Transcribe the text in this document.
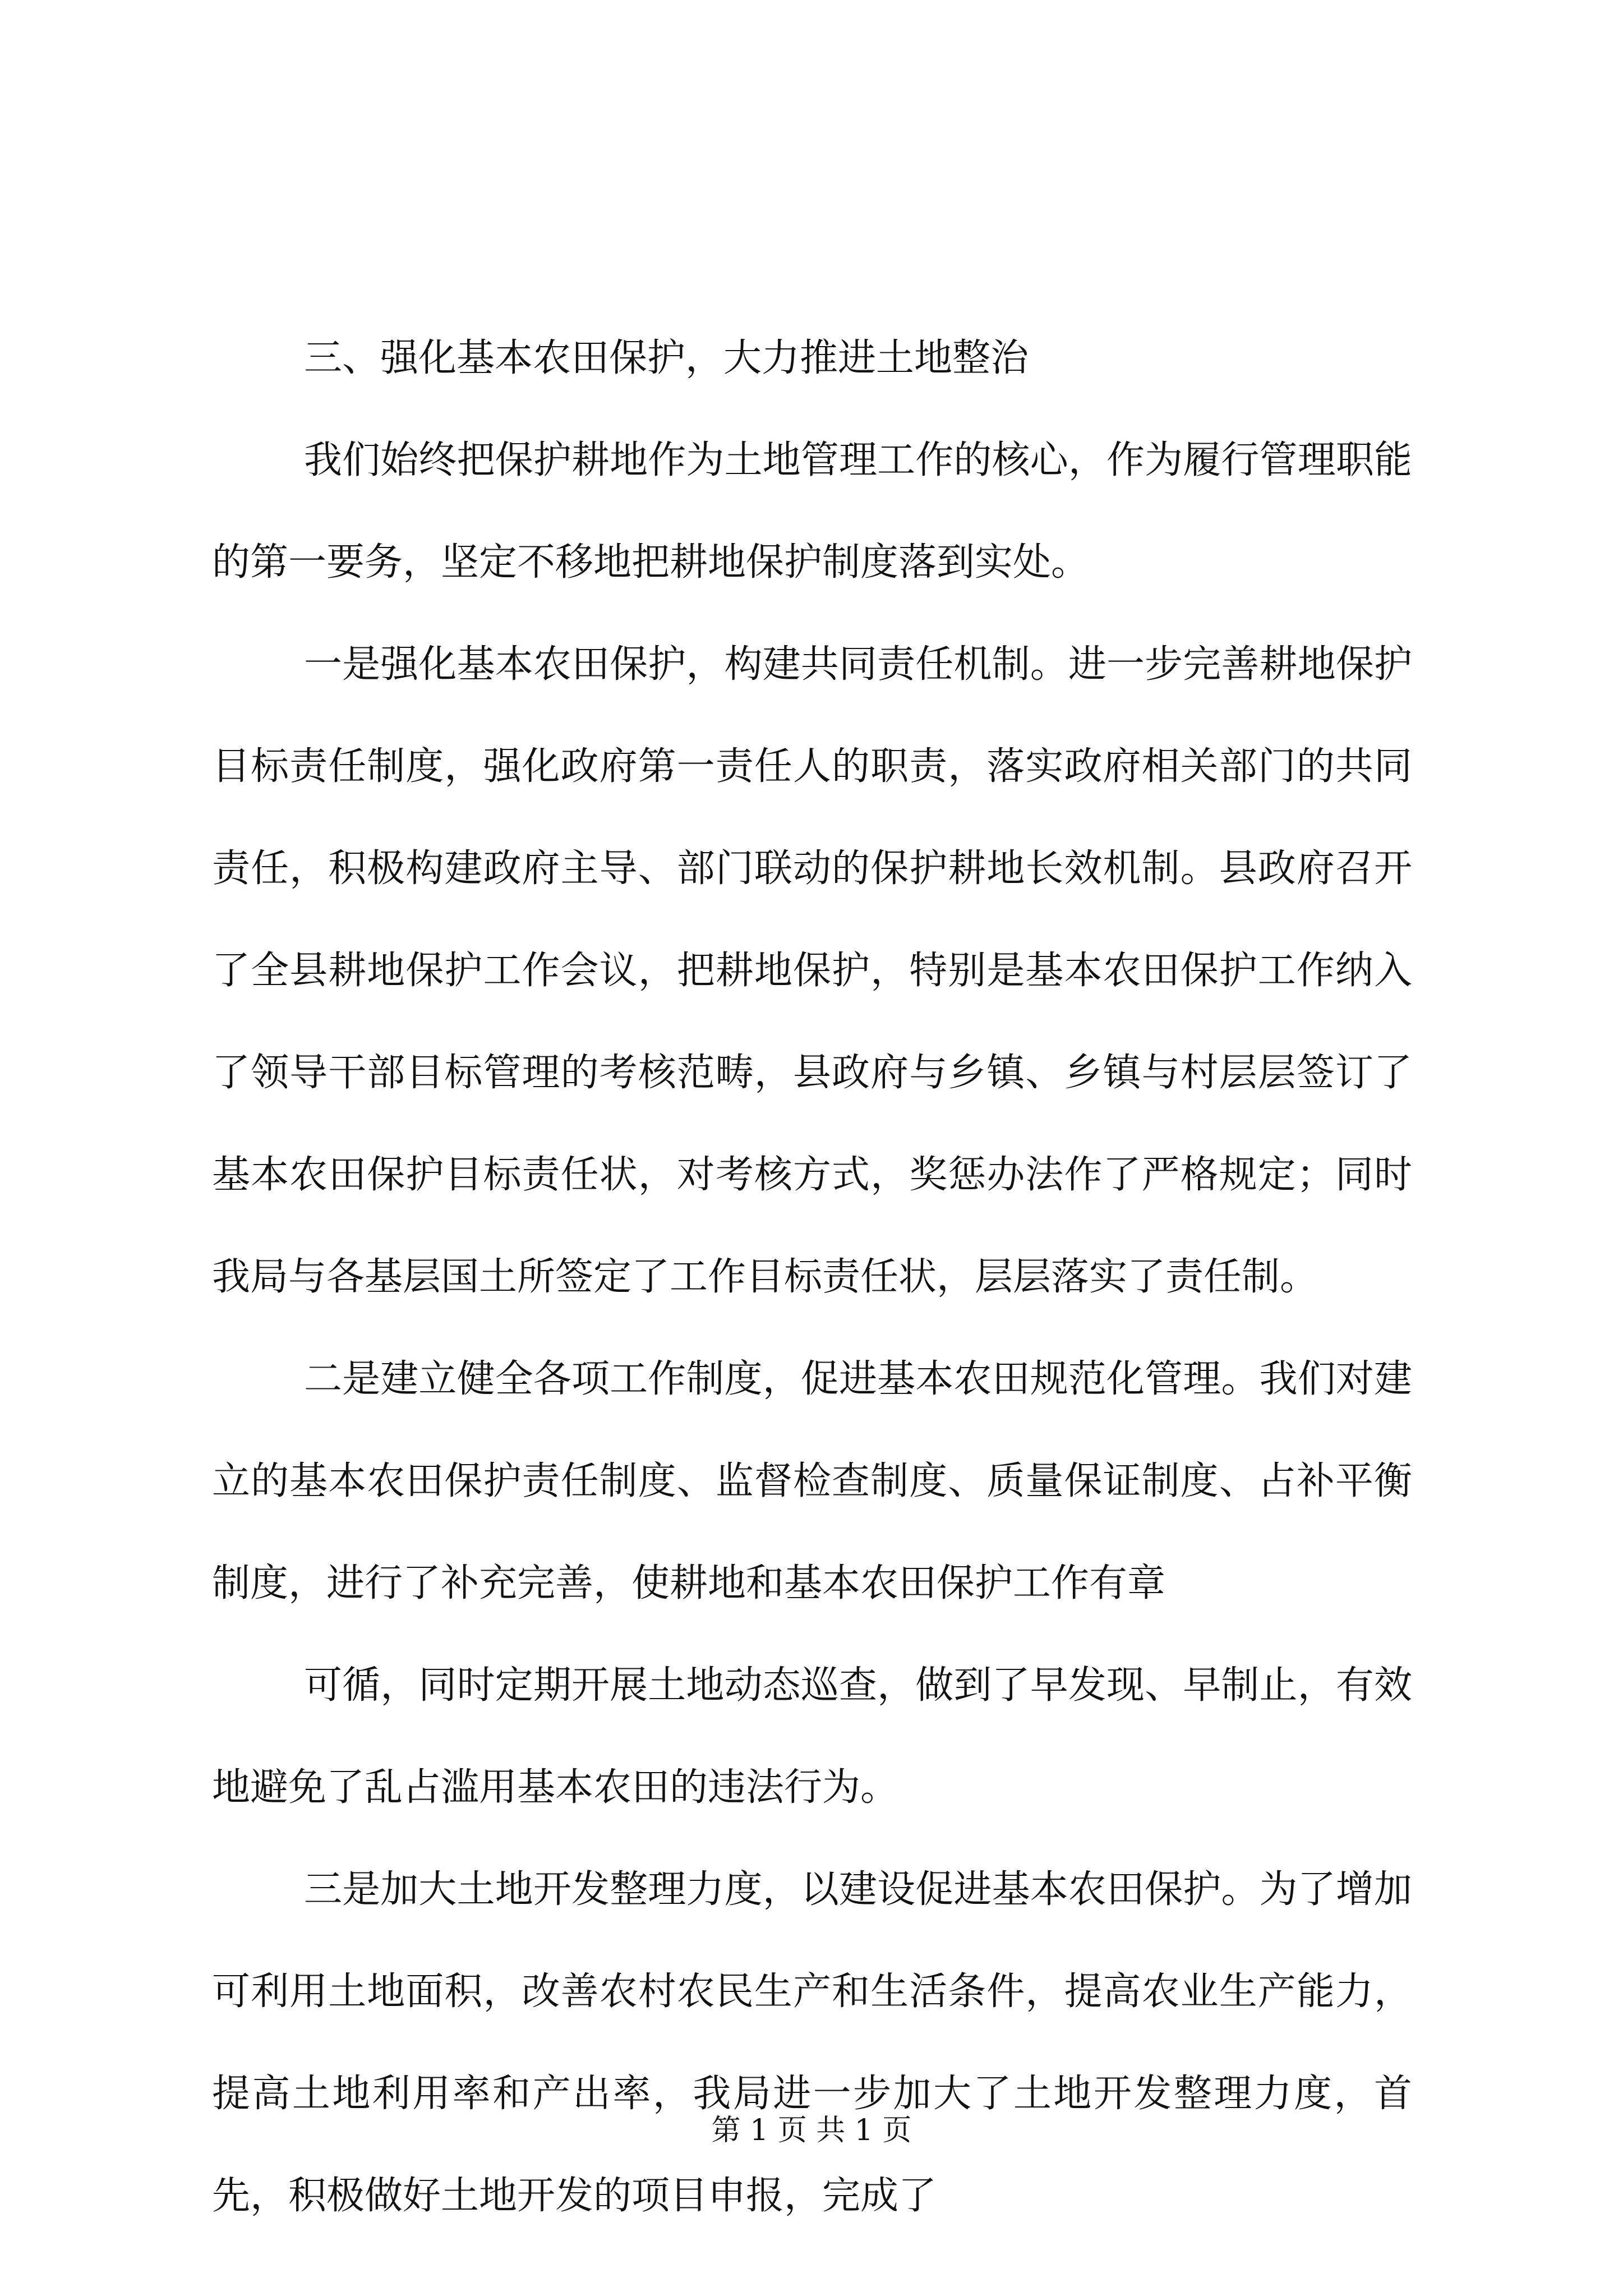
三、强化基本农田保护，大力推进土地整治

我们始终把保护耕地作为土地管理工作的核心，作为履行管理职能的第一要务，坚定不移地把耕地保护制度落到实处。

一是强化基本农田保护，构建共同责任机制。进一步完善耕地保护目标责任制度，强化政府第一责任人的职责，落实政府相关部门的共同责任，积极构建政府主导、部门联动的保护耕地长效机制。县政府召开了全县耕地保护工作会议，把耕地保护，特别是基本农田保护工作纳入了领导干部目标管理的考核范畴，县政府与乡镇、乡镇与村层层签订了基本农田保护目标责任状，对考核方式，奖惩办法作了严格规定；同时我局与各基层国土所签定了工作目标责任状，层层落实了责任制。

二是建立健全各项工作制度，促进基本农田规范化管理。我们对建立的基本农田保护责任制度、监督检查制度、质量保证制度、占补平衡制度，进行了补充完善，使耕地和基本农田保护工作有章

可循，同时定期开展土地动态巡查，做到了早发现、早制止，有效地避免了乱占滥用基本农田的违法行为。

三是加大土地开发整理力度，以建设促进基本农田保护。为了增加可利用土地面积，改善农村农民生产和生活条件，提高农业生产能力，提高土地利用率和产出率，我局进一步加大了土地开发整理力度，首先，积极做好土地开发的项目申报，完成了

第 1 页 共 1 页
